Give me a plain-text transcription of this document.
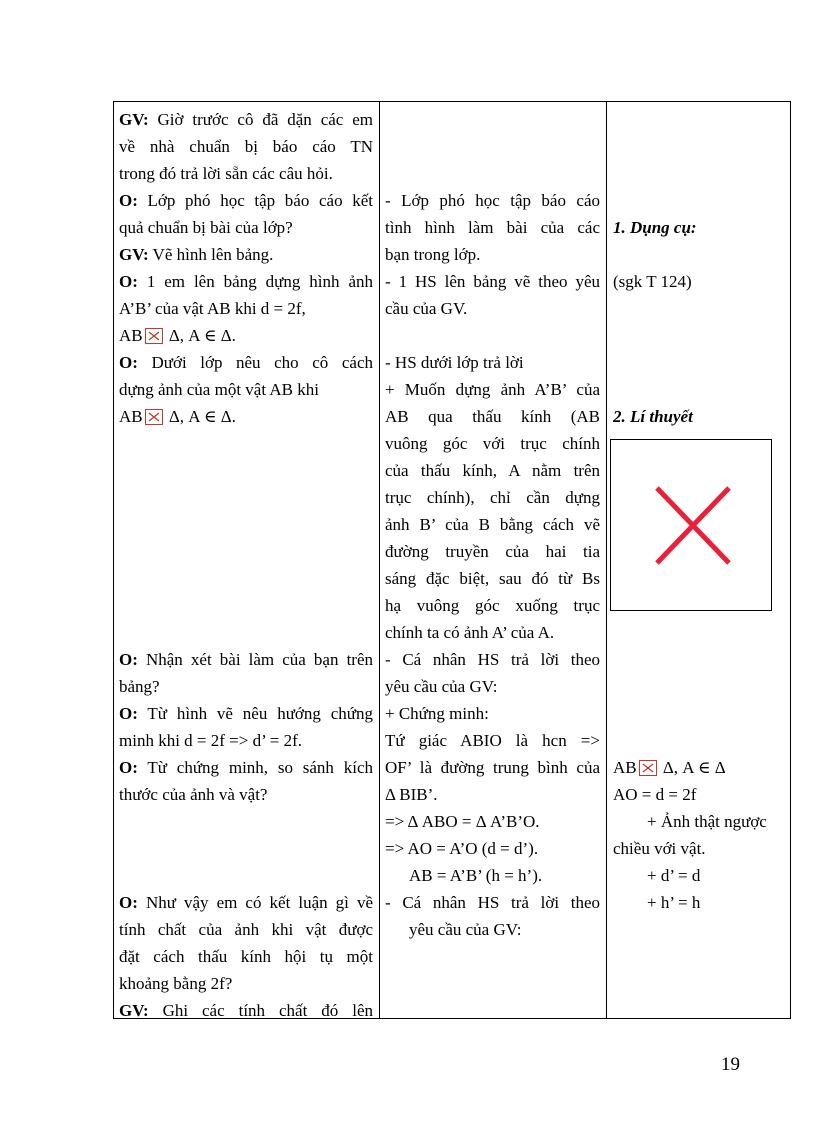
GV: Giờ trước cô đã dặn các em
về nhà chuẩn bị báo cáo TN
trong đó trả lời sẵn các câu hỏi.
O: Lớp phó học tập báo cáo kết
quả chuẩn bị bài của lớp?
GV: Vẽ hình lên bảng.
O: 1 em lên bảng dựng hình ảnh
A’B’ của vật AB khi d = 2f,
AB
Δ, A ∈ Δ.
O: Dưới lớp nêu cho cô cách
dựng ảnh của một vật AB khi
AB
Δ, A ∈ Δ.
O: Nhận xét bài làm của bạn trên
bảng?
O: Từ hình vẽ nêu hướng chứng
minh khi d = 2f => d’ = 2f.
O: Từ chứng minh, so sánh kích
thước của ảnh và vật?
O: Như vậy em có kết luận gì về
tính chất của ảnh khi vật được
đặt cách thấu kính hội tụ một
khoảng bằng 2f?
GV: Ghi các tính chất đó lên
- Lớp phó học tập báo cáo
tình hình làm bài của các
bạn trong lớp.
- 1 HS lên bảng vẽ theo yêu
cầu của GV.
- HS dưới lớp trả lời
+ Muốn dựng ảnh A’B’ của
AB qua thấu kính (AB
vuông góc với trục chính
của thấu kính, A nằm trên
trục chính), chỉ cần dựng
ảnh B’ của B bằng cách vẽ
đường truyền của hai tia
sáng đặc biệt, sau đó từ Bs
hạ vuông góc xuống trục
chính ta có ảnh A’ của A.
- Cá nhân HS trả lời theo
yêu cầu của GV:
+ Chứng minh:
Tứ giác ABIO là hcn =>
OF’ là đường trung bình của
Δ BIB’.
=> Δ ABO = Δ A’B’O.
=> AO = A’O (d = d’).
AB = A’B’ (h = h’).
- Cá nhân HS trả lời theo
yêu cầu của GV:
1. Dụng cụ:
(sgk T 124)
2. Lí thuyết
AB
Δ, A ∈ Δ
AO = d = 2f
+ Ảnh thật ngược
chiều với vật.
+ d’ = d
+ h’ = h
19
